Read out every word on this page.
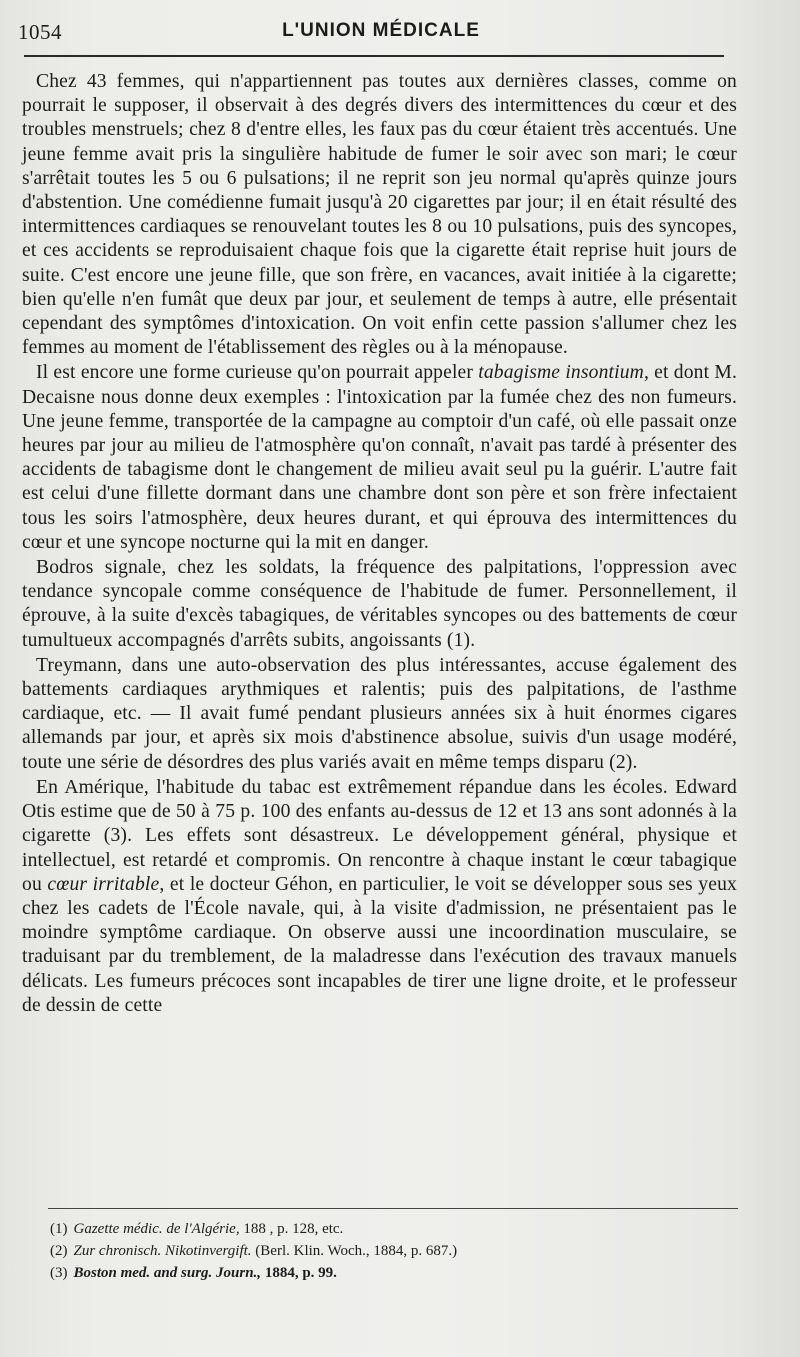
1054	L'UNION MÉDICALE

Chez 43 femmes, qui n'appartiennent pas toutes aux dernières classes, comme on pourrait le supposer, il observait à des degrés divers des intermittences du cœur et des troubles menstruels; chez 8 d'entre elles, les faux pas du cœur étaient très accentués. Une jeune femme avait pris la singulière habitude de fumer le soir avec son mari; le cœur s'arrêtait toutes les 5 ou 6 pulsations; il ne reprit son jeu normal qu'après quinze jours d'abstention. Une comédienne fumait jusqu'à 20 cigarettes par jour; il en était résulté des intermittences cardiaques se renouvelant toutes les 8 ou 10 pulsations, puis des syncopes, et ces accidents se reproduisaient chaque fois que la cigarette était reprise huit jours de suite. C'est encore une jeune fille, que son frère, en vacances, avait initiée à la cigarette; bien qu'elle n'en fumât que deux par jour, et seulement de temps à autre, elle présentait cependant des symptômes d'intoxication. On voit enfin cette passion s'allumer chez les femmes au moment de l'établissement des règles ou à la ménopause.

Il est encore une forme curieuse qu'on pourrait appeler tabagisme insontium, et dont M. Decaisne nous donne deux exemples : l'intoxication par la fumée chez des non fumeurs. Une jeune femme, transportée de la campagne au comptoir d'un café, où elle passait onze heures par jour au milieu de l'atmosphère qu'on connaît, n'avait pas tardé à présenter des accidents de tabagisme dont le changement de milieu avait seul pu la guérir. L'autre fait est celui d'une fillette dormant dans une chambre dont son père et son frère infectaient tous les soirs l'atmosphère, deux heures durant, et qui éprouva des intermittences du cœur et une syncope nocturne qui la mit en danger.

Bodros signale, chez les soldats, la fréquence des palpitations, l'oppression avec tendance syncopale comme conséquence de l'habitude de fumer. Personnellement, il éprouve, à la suite d'excès tabagiques, de véritables syncopes ou des battements de cœur tumultueux accompagnés d'arrêts subits, angoissants (1).

Treymann, dans une auto-observation des plus intéressantes, accuse également des battements cardiaques arythmiques et ralentis; puis des palpitations, de l'asthme cardiaque, etc. — Il avait fumé pendant plusieurs années six à huit énormes cigares allemands par jour, et après six mois d'abstinence absolue, suivis d'un usage modéré, toute une série de désordres des plus variés avait en même temps disparu (2).

En Amérique, l'habitude du tabac est extrêmement répandue dans les écoles. Edward Otis estime que de 50 à 75 p. 100 des enfants au-dessus de 12 et 13 ans sont adonnés à la cigarette (3). Les effets sont désastreux. Le développement général, physique et intellectuel, est retardé et compromis. On rencontre à chaque instant le cœur tabagique ou cœur irritable, et le docteur Géhon, en particulier, le voit se développer sous ses yeux chez les cadets de l'École navale, qui, à la visite d'admission, ne présentaient pas le moindre symptôme cardiaque. On observe aussi une incoordination musculaire, se traduisant par du tremblement, de la maladresse dans l'exécution des travaux manuels délicats. Les fumeurs précoces sont incapables de tirer une ligne droite, et le professeur de dessin de cette

(1) Gazette médic. de l'Algérie, 188 , p. 128, etc.
(2) Zur chronisch. Nikotinvergift. (Berl. Klin. Woch., 1884, p. 687.)
(3) Boston med. and surg. Journ., 1884, p. 99.
